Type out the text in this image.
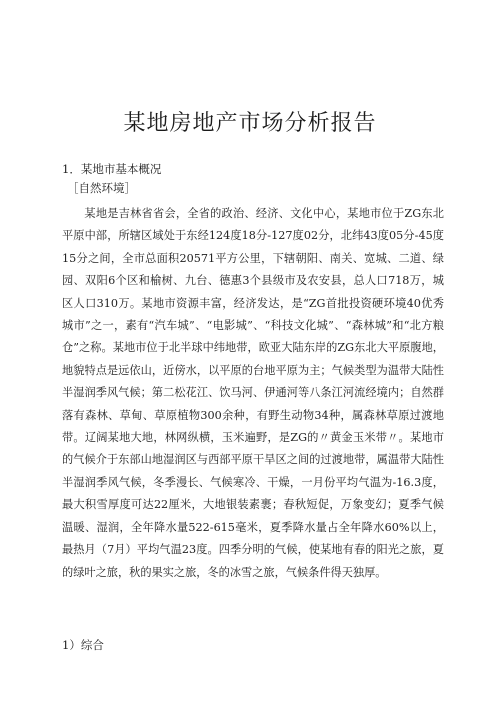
某地房地产市场分析报告

1．某地市基本概况

［自然环境］

某地是吉林省省会，全省的政治、经济、文化中心，某地市位于ZG东北平原中部，所辖区域处于东经124度18分-127度02分，北纬43度05分-45度15分之间，全市总面积20571平方公里，下辖朝阳、南关、宽城、二道、绿园、双阳6个区和榆树、九台、德惠3个县级市及农安县，总人口718万，城区人口310万。某地市资源丰富，经济发达，是“ZG首批投资硬环境40优秀城市”之一，素有“汽车城”、“电影城”、“科技文化城”、“森林城”和“北方粮仓”之称。某地市位于北半球中纬地带，欧亚大陆东岸的ZG东北大平原腹地，地貌特点是远依山，近傍水，以平原的台地平原为主；气候类型为温带大陆性半湿润季风气候；第二松花江、饮马河、伊通河等八条江河流经境内；自然群落有森林、草甸、草原植物300余种，有野生动物34种，属森林草原过渡地带。辽阔某地大地，林网纵横，玉米遍野，是ZG的〃黄金玉米带〃。某地市的气候介于东部山地湿润区与西部平原干旱区之间的过渡地带，属温带大陆性半湿润季风气候，冬季漫长、气候寒冷、干燥，一月份平均气温为-16.3度，最大积雪厚度可达22厘米，大地银装素裹；春秋短促，万象变幻；夏季气候温暖、湿润，全年降水量522-615毫米，夏季降水量占全年降水60%以上，最热月（7月）平均气温23度。四季分明的气候，使某地有春的阳光之旅，夏的绿叶之旅，秋的果实之旅，冬的冰雪之旅，气候条件得天独厚。

1）综合
